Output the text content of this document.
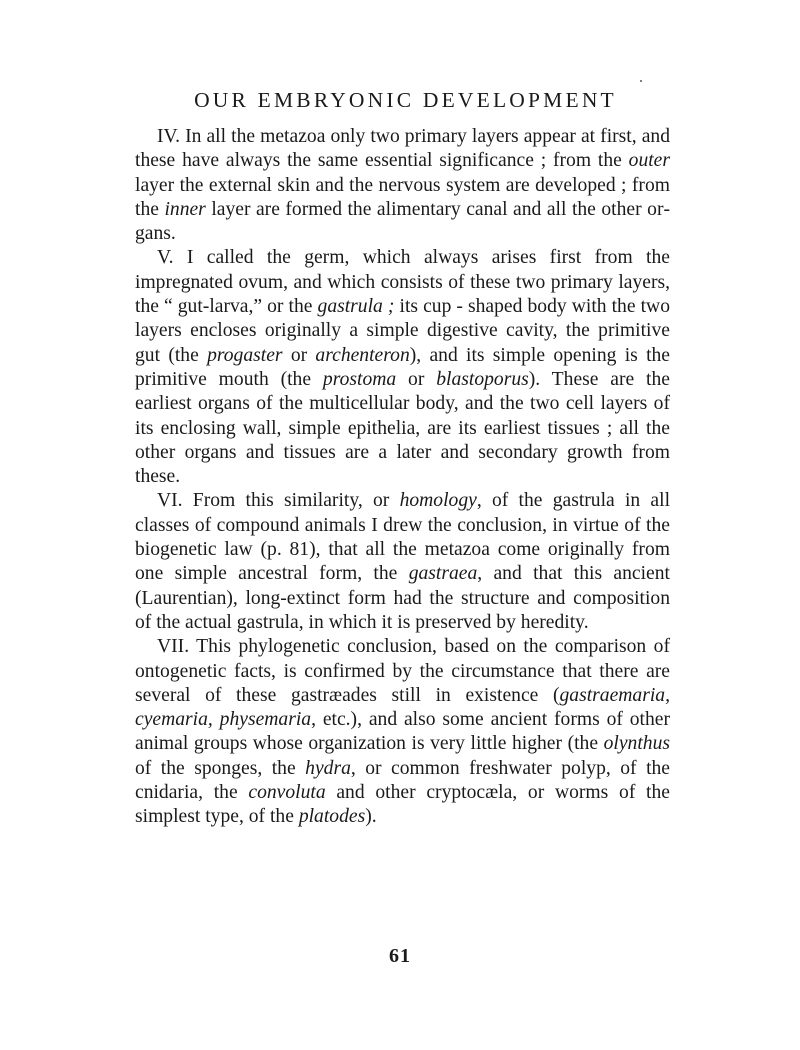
OUR EMBRYONIC DEVELOPMENT

IV. In all the metazoa only two primary layers appear at first, and these have always the same essential significance ; from the outer layer the external skin and the nervous system are developed ; from the inner layer are formed the alimentary canal and all the other organs.

V. I called the germ, which always arises first from the impregnated ovum, and which consists of these two primary layers, the “ gut-larva,” or the gastrula ; its cup - shaped body with the two layers encloses originally a simple digestive cavity, the primitive gut (the progaster or archenteron), and its simple opening is the primitive mouth (the prostoma or blastoporus). These are the earliest organs of the multicellular body, and the two cell layers of its enclosing wall, simple epithelia, are its earliest tissues ; all the other organs and tissues are a later and secondary growth from these.

VI. From this similarity, or homology, of the gastrula in all classes of compound animals I drew the conclusion, in virtue of the biogenetic law (p. 81), that all the metazoa come originally from one simple ancestral form, the gastraea, and that this ancient (Laurentian), long-extinct form had the structure and composition of the actual gastrula, in which it is preserved by heredity.

VII. This phylogenetic conclusion, based on the comparison of ontogenetic facts, is confirmed by the circumstance that there are several of these gastræades still in existence (gastraemaria, cyemaria, physemaria, etc.), and also some ancient forms of other animal groups whose organization is very little higher (the olynthus of the sponges, the hydra, or common freshwater polyp, of the cnidaria, the convoluta and other cryptocæla, or worms of the simplest type, of the platodes).

61
